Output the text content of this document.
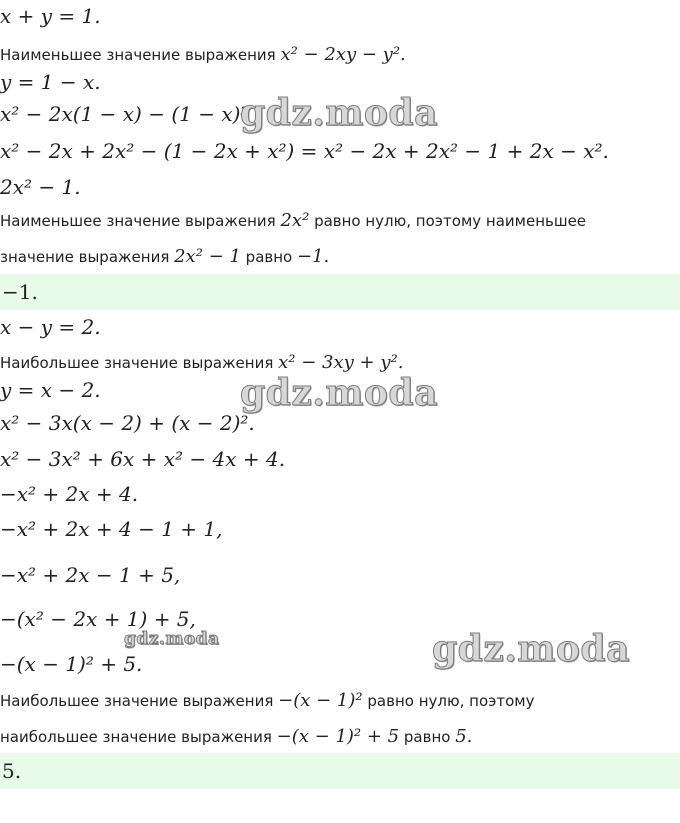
x + y = 1.
Наименьшее значение выражения x² − 2xy − y².
y = 1 − x.
x² − 2x(1 − x) − (1 − x)²
x² − 2x + 2x² − (1 − 2x + x²) = x² − 2x + 2x² − 1 + 2x − x².
2x² − 1.
Наименьшее значение выражения 2x² равно нулю, поэтому наименьшее
значение выражения 2x² − 1 равно −1.
−1.
x − y = 2.
Наибольшее значение выражения x² − 3xy + y².
y = x − 2.
x² − 3x(x − 2) + (x − 2)².
x² − 3x² + 6x + x² − 4x + 4.
−x² + 2x + 4.
−x² + 2x + 4 − 1 + 1,
−x² + 2x − 1 + 5,
−(x² − 2x + 1) + 5,
−(x − 1)² + 5.
Наибольшее значение выражения −(x − 1)² равно нулю, поэтому
наибольшее значение выражения −(x − 1)² + 5 равно 5.
5.
gdz.moda
gdz.moda
gdz.moda
gdz.moda
